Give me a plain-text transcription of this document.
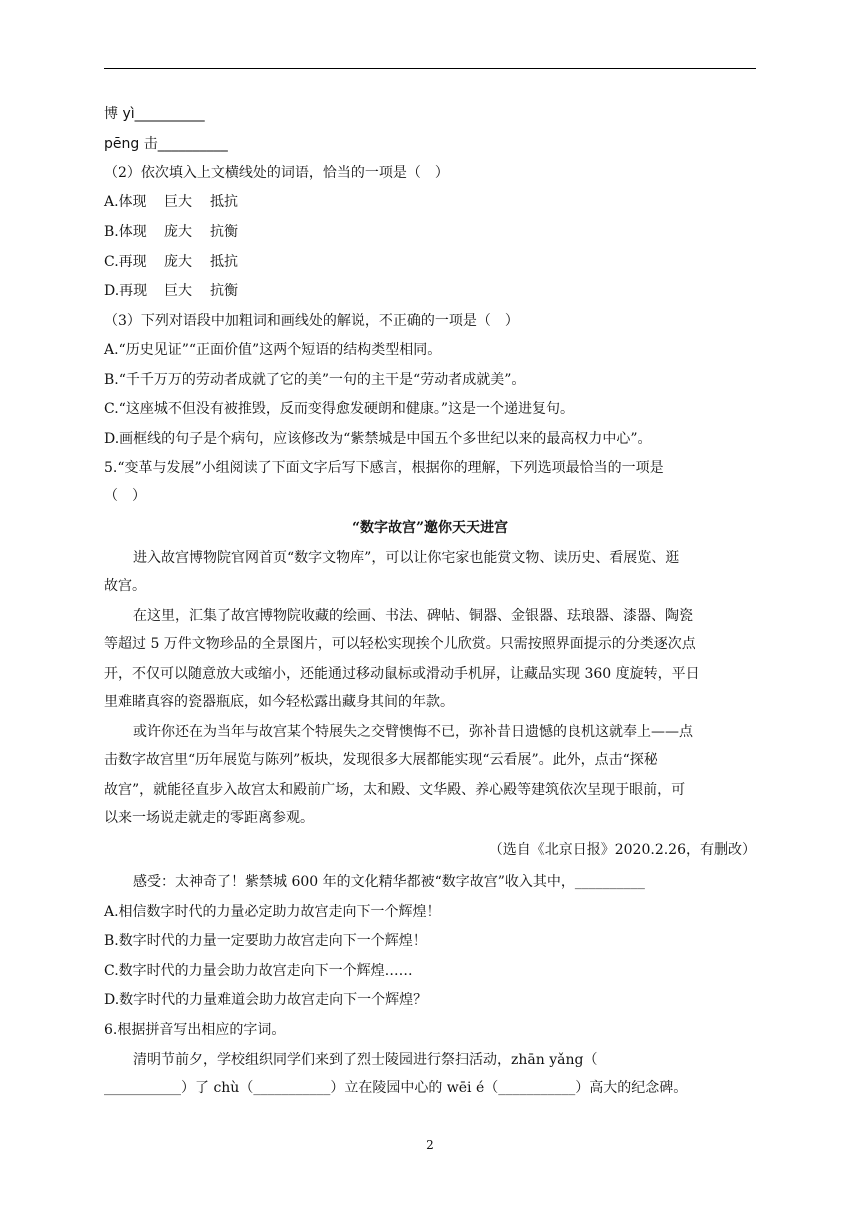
博 yì__________
pēng 击__________
（2）依次填入上文横线处的词语，恰当的一项是（　）
A.体现 巨大 抵抗
B.体现 庞大 抗衡
C.再现 庞大 抵抗
D.再现 巨大 抗衡
（3）下列对语段中加粗词和画线处的解说，不正确的一项是（　）
A.“历史见证”“正面价值”这两个短语的结构类型相同。
B.“千千万万的劳动者成就了它的美”一句的主干是“劳动者成就美”。
C.“这座城不但没有被推毁，反而变得愈发硬朗和健康。”这是一个递进复句。
D.画框线的句子是个病句，应该修改为“紫禁城是中国五个多世纪以来的最高权力中心”。
5.“变革与发展”小组阅读了下面文字后写下感言，根据你的理解，下列选项最恰当的一项是
（　）
“数字故宫”邀你天天进宫
进入故宫博物院官网首页“数字文物库”，可以让你宅家也能赏文物、读历史、看展览、逛
故宫。
在这里，汇集了故宫博物院收藏的绘画、书法、碑帖、铜器、金银器、珐琅器、漆器、陶瓷
等超过 5 万件文物珍品的全景图片，可以轻松实现挨个儿欣赏。只需按照界面提示的分类逐次点
开，不仅可以随意放大或缩小，还能通过移动鼠标或滑动手机屏，让藏品实现 360 度旋转，平日
里难睹真容的瓷器瓶底，如今轻松露出藏身其间的年款。
或许你还在为当年与故宫某个特展失之交臂懊悔不已，弥补昔日遗憾的良机这就奉上——点
击数字故宫里“历年展览与陈列”板块，发现很多大展都能实现“云看展”。此外，点击“探秘
故宫”，就能径直步入故宫太和殿前广场，太和殿、文华殿、养心殿等建筑依次呈现于眼前，可
以来一场说走就走的零距离参观。
（选自《北京日报》2020.2.26，有删改）
感受：太神奇了！紫禁城 600 年的文化精华都被“数字故宫”收入其中，__________
A.相信数字时代的力量必定助力故宫走向下一个辉煌！
B.数字时代的力量一定要助力故宫走向下一个辉煌！
C.数字时代的力量会助力故宫走向下一个辉煌……
D.数字时代的力量难道会助力故宫走向下一个辉煌？
6.根据拼音写出相应的字词。
清明节前夕，学校组织同学们来到了烈士陵园进行祭扫活动，zhān yǎng（
___________）了 chù（___________）立在陵园中心的 wēi é（___________）高大的纪念碑。
2
